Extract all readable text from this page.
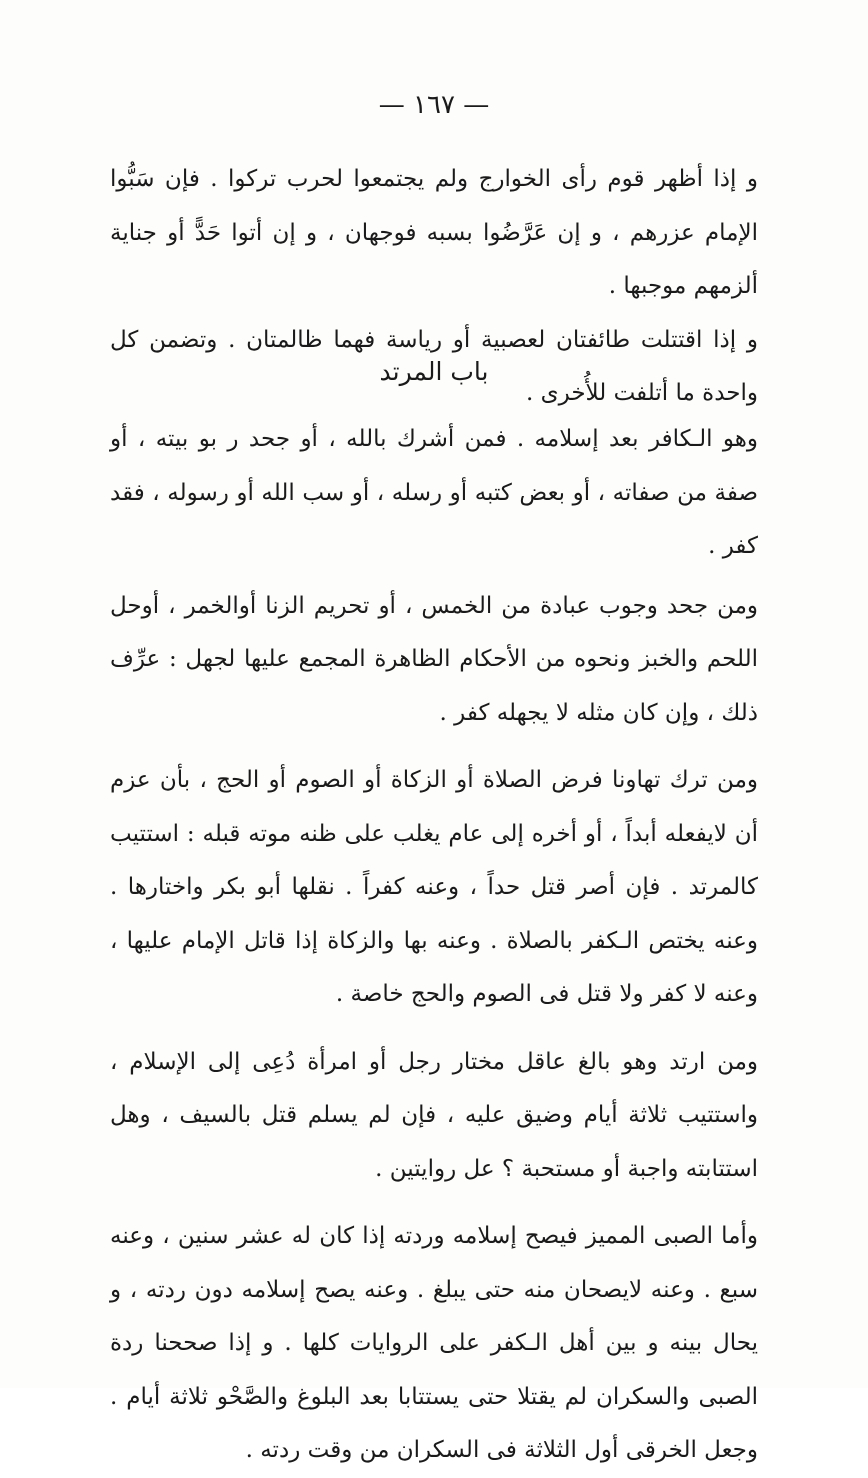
— ١٦٧ —

و إذا أظهر قوم رأى الخوارج ولم يجتمعوا لحرب تركوا . فإن سَبُّوا الإمام عزرهم ، و إن عَرَّضُوا بسبه فوجهان ، و إن أتوا حَدًّ أو جناية ألزمهم موجبها .

و إذا اقتتلت طائفتان لعصبية أو رياسة فهما ظالمتان . وتضمن كل واحدة ما أتلفت للأُخرى .

باب المرتد

وهو الـكافر بعد إسلامه . فمن أشرك بالله ، أو جحد ر بو بيته ، أو صفة من صفاته ، أو بعض كتبه أو رسله ، أو سب الله أو رسوله ، فقد كفر .

ومن جحد وجوب عبادة من الخمس ، أو تحريم الزنا أوالخمر ، أوحل اللحم والخبز ونحوه من الأحكام الظاهرة المجمع عليها لجهل : عرِّف ذلك ، وإن كان مثله لا يجهله كفر .

ومن ترك تهاونا فرض الصلاة أو الزكاة أو الصوم أو الحج ، بأن عزم أن لايفعله أبداً ، أو أخره إلى عام يغلب على ظنه موته قبله : استتيب كالمرتد . فإن أصر قتل حداً ، وعنه كفراً . نقلها أبو بكر واختارها . وعنه يختص الـكفر بالصلاة . وعنه بها والزكاة إذا قاتل الإمام عليها ، وعنه لا كفر ولا قتل فى الصوم والحج خاصة .

ومن ارتد وهو بالغ عاقل مختار رجل أو امرأة دُعِى إلى الإسلام ، واستتيب ثلاثة أيام وضيق عليه ، فإن لم يسلم قتل بالسيف ، وهل استتابته واجبة أو مستحبة ؟ عل روايتين .

وأما الصبى المميز فيصح إسلامه وردته إذا كان له عشر سنين ، وعنه سبع . وعنه لايصحان منه حتى يبلغ . وعنه يصح إسلامه دون ردته ، و يحال بينه و بين أهل الـكفر على الروايات كلها . و إذا صححنا ردة الصبى والسكران لم يقتلا حتى يستتابا بعد البلوغ والصَّحْو ثلاثة أيام . وجعل الخرقى أول الثلاثة فى السكران من وقت ردته .
